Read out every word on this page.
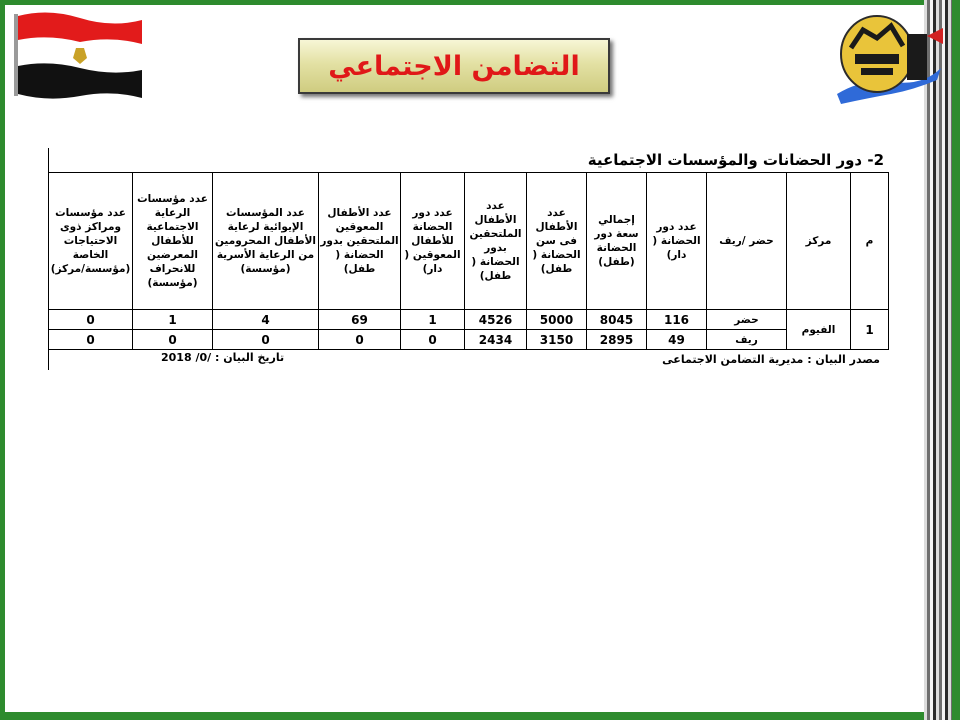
التضامن الاجتماعي
2- دور الحضانات والمؤسسات الاجتماعية
م	مركز	حضر /ريف	عدد دور الحضانة ( دار)	إجمالي سعة دور الحضانة (طفل)	عدد الأطفال فى سن الحضانة ( طفل)	عدد الأطفال الملتحقين بدور الحضانة ( طفل)	عدد دور الحضانة للأطفال المعوقين ( دار)	عدد الأطفال المعوقين الملتحقين بدور الحضانة ( طفل)	عدد المؤسسات الإيوائية لرعاية الأطفال المحرومين من الرعاية الأسرية (مؤسسة)	عدد مؤسسات الرعاية الاجتماعية للأطفال المعرضين للانحراف (مؤسسة)	عدد مؤسسات ومراكز ذوى الاحتياجات الخاصة (مؤسسة/مركز)
1	الفيوم	حضر	116	8045	5000	4526	1	69	4	1	0
		ريف	49	2895	3150	2434	0	0	0	0	0
مصدر البيان : مديرية التضامن الاجتماعى
تاريخ البيان : /0/ 2018
